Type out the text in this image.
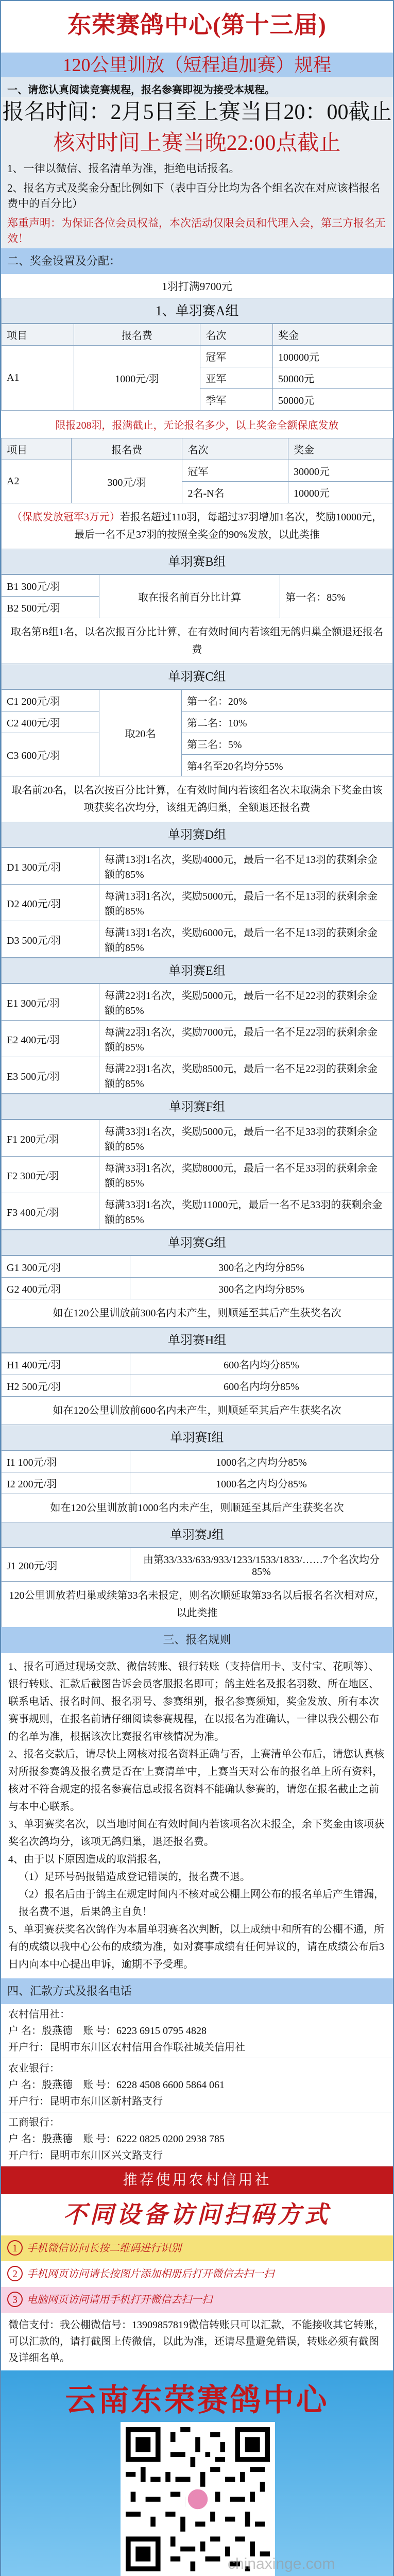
东荣赛鸽中心(第十三届)
120公里训放（短程追加赛）规程
一、请您认真阅读竞赛规程，报名参赛即视为接受本规程。
报名时间：2月5日至上赛当日20：00截止
核对时间上赛当晚22:00点截止
1、一律以微信、报名清单为准，拒绝电话报名。
2、报名方式及奖金分配比例如下（表中百分比均为各个组名次在对应该档报名费中的百分比）
郑重声明：为保证各位会员权益，本次活动仅限会员和代理入会，第三方报名无效！
二、奖金设置及分配：
1羽打满9700元
1、单羽赛A组
项目	报名费	名次	奖金
A1	1000元/羽	冠军	100000元
		亚军	50000元
		季军	50000元
限报208羽，报满截止，无论报名多少，以上奖金全额保底发放
项目	报名费	名次	奖金
A2	300元/羽	冠军	30000元
		2名-N名	10000元
（保底发放冠军3万元）若报名超过110羽，每超过37羽增加1名次，奖励10000元，最后一名不足37羽的按照全奖金的90%发放，以此类推
单羽赛B组
B1 300元/羽	取在报名前百分比计算	第一名：85%
B2 500元/羽
取名第B组1名，以名次报百分比计算，在有效时间内若该组无鸽归巢全额退还报名费
单羽赛C组
C1 200元/羽	取20名	第一名：20%
C2 400元/羽		第二名：10%
C3 600元/羽		第三名：5%
		第4名至20名均分55%
取名前20名，以名次按百分比计算，在有效时间内若该组名次未取满余下奖金由该项获奖名次均分，该组无鸽归巢，全额退还报名费
单羽赛D组
D1 300元/羽	每满13羽1名次，奖励4000元，最后一名不足13羽的获剩余金额的85%
D2 400元/羽	每满13羽1名次，奖励5000元，最后一名不足13羽的获剩余金额的85%
D3 500元/羽	每满13羽1名次，奖励6000元，最后一名不足13羽的获剩余金额的85%
单羽赛E组
E1 300元/羽	每满22羽1名次，奖励5000元，最后一名不足22羽的获剩余金额的85%
E2 400元/羽	每满22羽1名次，奖励7000元，最后一名不足22羽的获剩余金额的85%
E3 500元/羽	每满22羽1名次，奖励8500元，最后一名不足22羽的获剩余金额的85%
单羽赛F组
F1 200元/羽	每满33羽1名次，奖励5000元，最后一名不足33羽的获剩余金额的85%
F2 300元/羽	每满33羽1名次，奖励8000元，最后一名不足33羽的获剩余金额的85%
F3 400元/羽	每满33羽1名次，奖励11000元，最后一名不足33羽的获剩余金额的85%
单羽赛G组
G1 300元/羽	300名之内均分85%
G2 400元/羽	300名之内均分85%
如在120公里训放前300名内未产生，则顺延至其后产生获奖名次
单羽赛H组
H1 400元/羽	600名内均分85%
H2 500元/羽	600名内均分85%
如在120公里训放前600名内未产生，则顺延至其后产生获奖名次
单羽赛I组
I1 100元/羽	1000名之内均分85%
I2 200元/羽	1000名之内均分85%
如在120公里训放前1000名内未产生，则顺延至其后产生获奖名次
单羽赛J组
J1 200元/羽	由第33/333/633/933/1233/1533/1833/……7个名次均分85%
120公里训放若归巢或续第33名未报定，则名次顺延取第33名以后报名名次相对应，以此类推
三、报名规则

1、报名可通过现场交款、微信转账、银行转账（支持信用卡、支付宝、花呗等）、银行转账、汇款后截图告诉会员客服报名即可；鸽主姓名及报名羽数、所在地区、联系电话、报名时间、报名羽号、参赛组别，报名参赛须知，奖金发放、所有本次赛事规则，在报名前请仔细阅读参赛规程，在以报名为准确认，一律以我公棚公布的名单为准，根据该次比赛报名审核情况为准。

2、报名交款后，请尽快上网核对报名资料正确与否，上赛清单公布后，请您认真核对所报参赛鸽及报名费是否在'上赛清单'中，上赛当天对公布的报名单上所有资料，核对不符合规定的报名参赛信息或报名资料不能确认参赛的，请您在报名截止之前与本中心联系。

3、单羽赛奖名次，以当地时间在有效时间内若该项名次未报全，余下奖金由该项获奖名次鸽均分，该项无鸽归巢，退还报名费。

4、由于以下原因造成的取消报名，

（1）足环号码报错造成登记错误的，报名费不退。

（2）报名后由于鸽主在规定时间内不核对或公棚上网公布的报名单后产生错漏，报名费不退，后果鸽主自负！

5、单羽赛获奖名次鸽作为本届单羽赛名次判断，以上成绩中和所有的公棚不通，所有的成绩以我中心公布的成绩为准，如对赛事成绩有任何异议的，请在成绩公布后3日内向本中心提出申诉，逾期不予受理。

四、汇款方式及报名电话
农村信用社：
户 名：殷燕德 账 号：6223 6915 0795 4828
开户行：昆明市东川区农村信用合作联社城关信用社
农业银行：
户 名：殷燕德 账 号：6228 4508 6600 5864 061
开户行：昆明市东川区新村路支行
工商银行：
户 名：殷燕德 账 号：6222 0825 0200 2938 785
开户行：昆明市东川区兴文路支行
推荐使用农村信用社
不同设备访问扫码方式
1 手机微信访问长按二维码进行识别
2 手机网页访问请长按图片添加相册后打开微信去扫一扫
3 电脑网页访问请用手机打开微信去扫一扫
微信支付：我公棚微信号：13909857819微信转账只可以汇款，不能接收其它转账，可以汇款的，请打截图上传微信，以此为准，还请尽量避免错误，转账必须有截图及详细名单。
云南东荣赛鸽中心
chinaxinge.com
